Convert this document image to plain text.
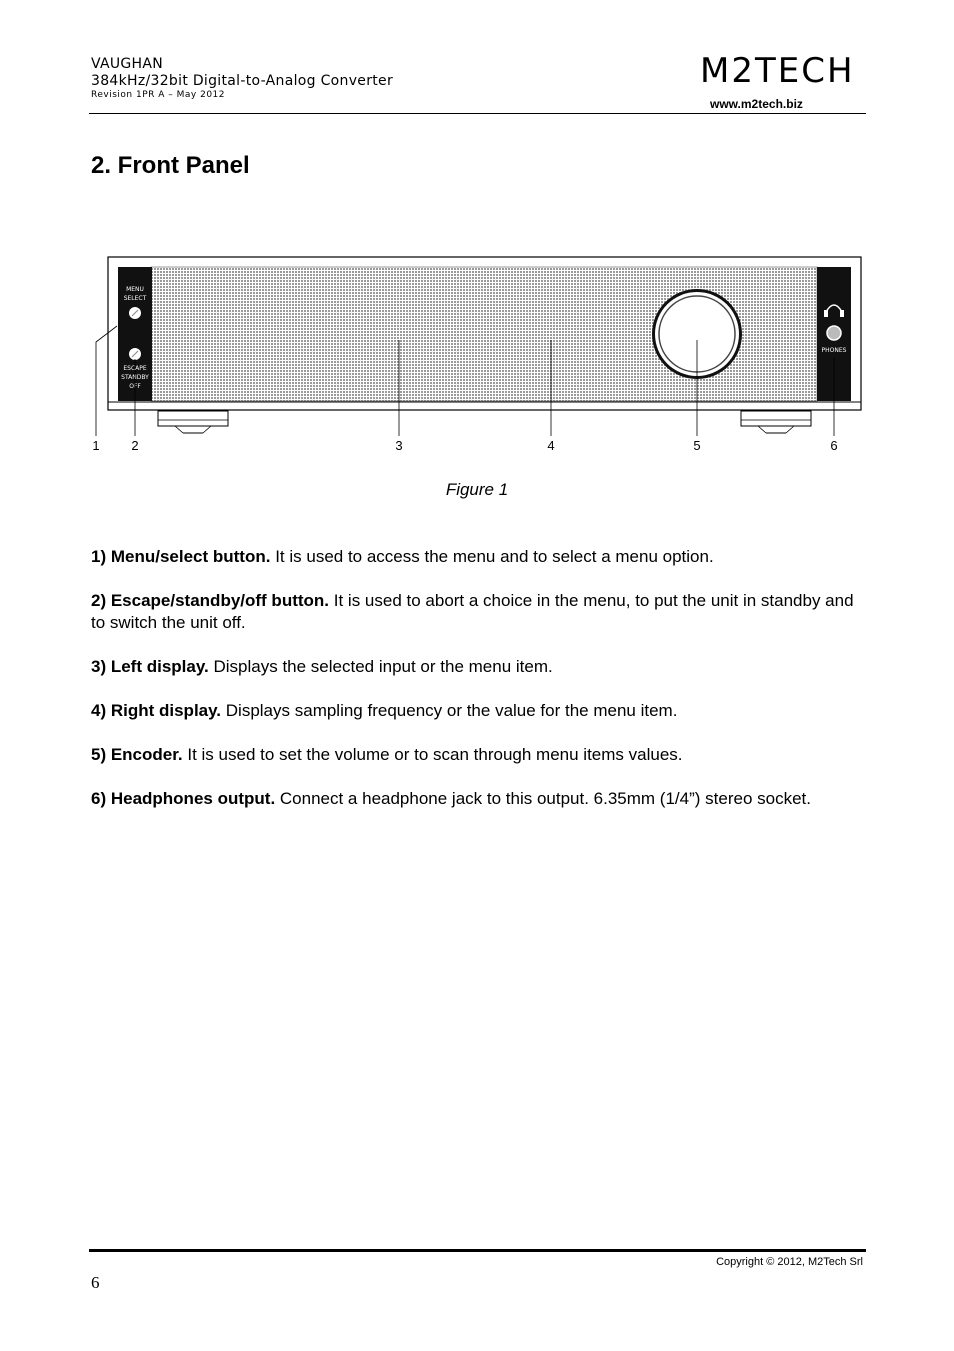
VAUGHAN
384kHz/32bit Digital-to-Analog Converter
Revision 1PR A – May 2012
M2TECH
www.m2tech.biz
2. Front Panel
MENU
SELECT
ESCAPE
STANDBY
OFF
PHONES
1 2	3	4	5	6
Figure 1

1) Menu/select button. It is used to access the menu and to select a menu option.

2) Escape/standby/off button. It is used to abort a choice in the menu, to put the unit in standby and to switch the unit off.

3) Left display. Displays the selected input or the menu item.

4) Right display. Displays sampling frequency or the value for the menu item.

5) Encoder. It is used to set the volume or to scan through menu items values.

6) Headphones output. Connect a headphone jack to this output. 6.35mm (1/4”) stereo socket.

Copyright © 2012, M2Tech Srl
6
